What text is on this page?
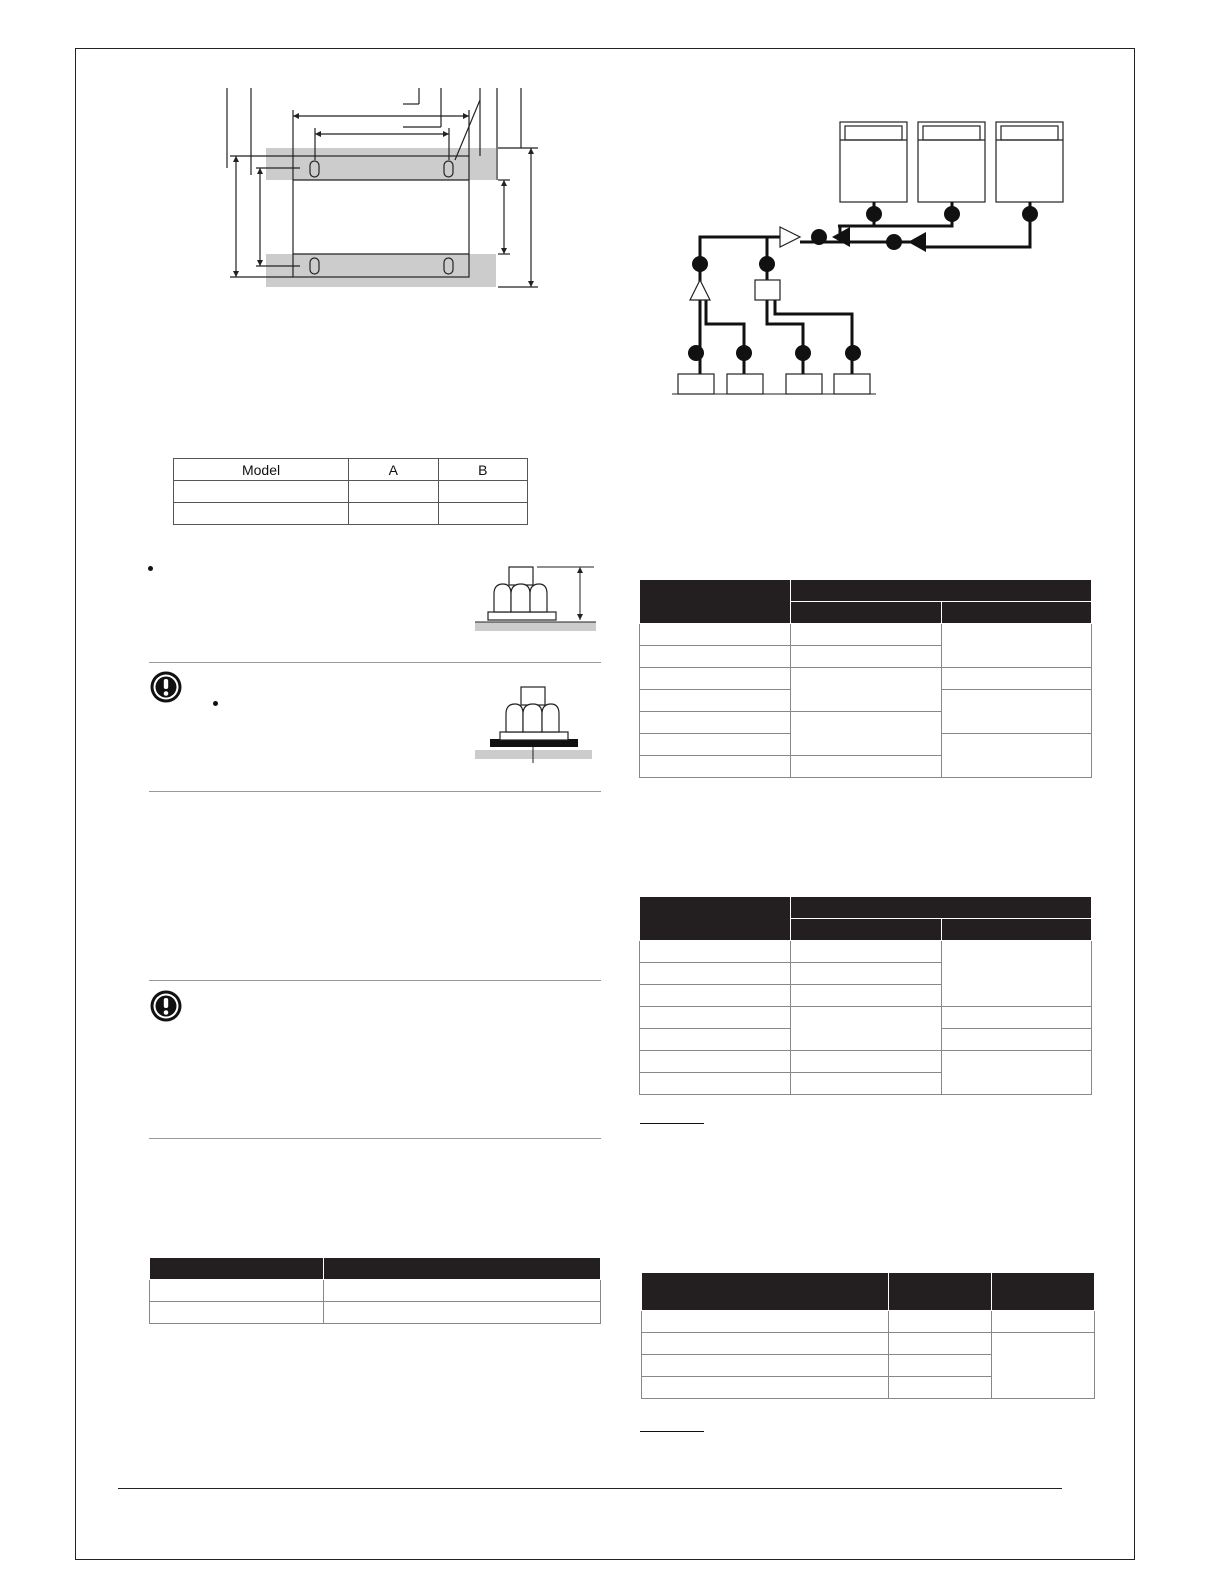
Model	A	B
